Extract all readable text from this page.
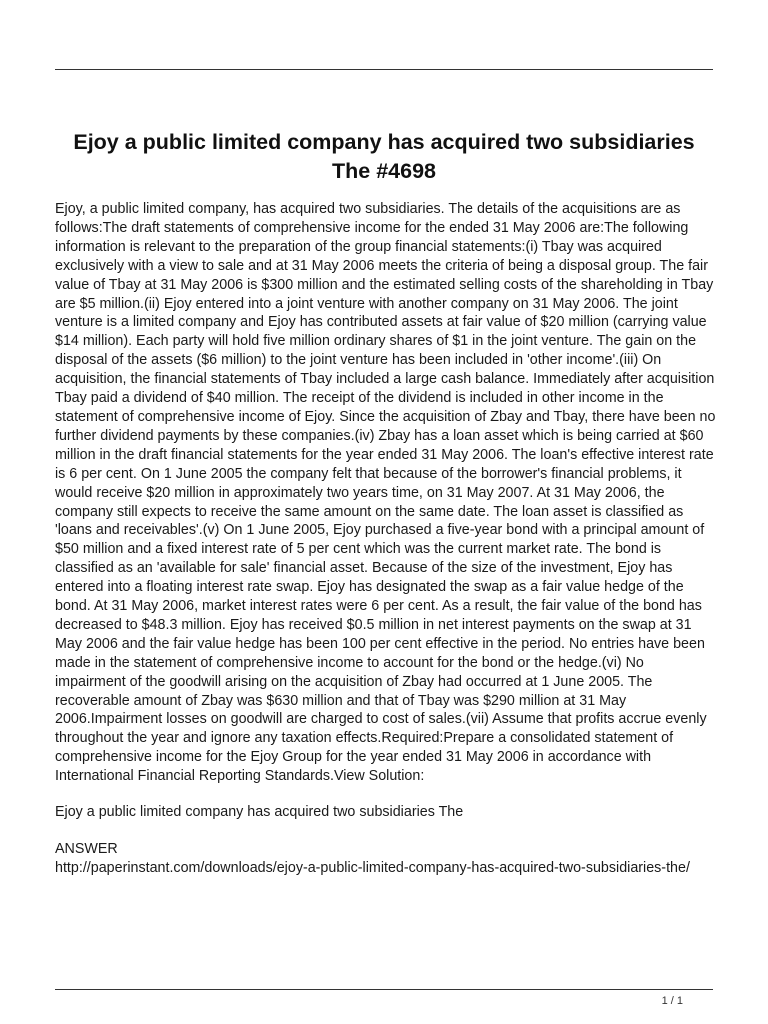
Ejoy a public limited company has acquired two subsidiaries The #4698

Ejoy, a public limited company, has acquired two subsidiaries. The details of the acquisitions are as follows:The draft statements of comprehensive income for the ended 31 May 2006 are:The following information is relevant to the preparation of the group financial statements:(i) Tbay was acquired exclusively with a view to sale and at 31 May 2006 meets the criteria of being a disposal group. The fair value of Tbay at 31 May 2006 is $300 million and the estimated selling costs of the shareholding in Tbay are $5 million.(ii) Ejoy entered into a joint venture with another company on 31 May 2006. The joint venture is a limited company and Ejoy has contributed assets at fair value of $20 million (carrying value $14 million). Each party will hold five million ordinary shares of $1 in the joint venture. The gain on the disposal of the assets ($6 million) to the joint venture has been included in 'other income'.(iii) On acquisition, the financial statements of Tbay included a large cash balance. Immediately after acquisition Tbay paid a dividend of $40 million. The receipt of the dividend is included in other income in the statement of comprehensive income of Ejoy. Since the acquisition of Zbay and Tbay, there have been no further dividend payments by these companies.(iv) Zbay has a loan asset which is being carried at $60 million in the draft financial statements for the year ended 31 May 2006. The loan's effective interest rate is 6 per cent. On 1 June 2005 the company felt that because of the borrower's financial problems, it would receive $20 million in approximately two years time, on 31 May 2007. At 31 May 2006, the company still expects to receive the same amount on the same date. The loan asset is classified as 'loans and receivables'.(v) On 1 June 2005, Ejoy purchased a five-year bond with a principal amount of $50 million and a fixed interest rate of 5 per cent which was the current market rate. The bond is classified as an 'available for sale' financial asset. Because of the size of the investment, Ejoy has entered into a floating interest rate swap. Ejoy has designated the swap as a fair value hedge of the bond. At 31 May 2006, market interest rates were 6 per cent. As a result, the fair value of the bond has decreased to $48.3 million. Ejoy has received $0.5 million in net interest payments on the swap at 31 May 2006 and the fair value hedge has been 100 per cent effective in the period. No entries have been made in the statement of comprehensive income to account for the bond or the hedge.(vi) No impairment of the goodwill arising on the acquisition of Zbay had occurred at 1 June 2005. The recoverable amount of Zbay was $630 million and that of Tbay was $290 million at 31 May 2006.Impairment losses on goodwill are charged to cost of sales.(vii) Assume that profits accrue evenly throughout the year and ignore any taxation effects.Required:Prepare a consolidated statement of comprehensive income for the Ejoy Group for the year ended 31 May 2006 in accordance with International Financial Reporting Standards.View Solution:

Ejoy a public limited company has acquired two subsidiaries The

ANSWER

http://paperinstant.com/downloads/ejoy-a-public-limited-company-has-acquired-two-subsidiaries-the/

1 / 1
